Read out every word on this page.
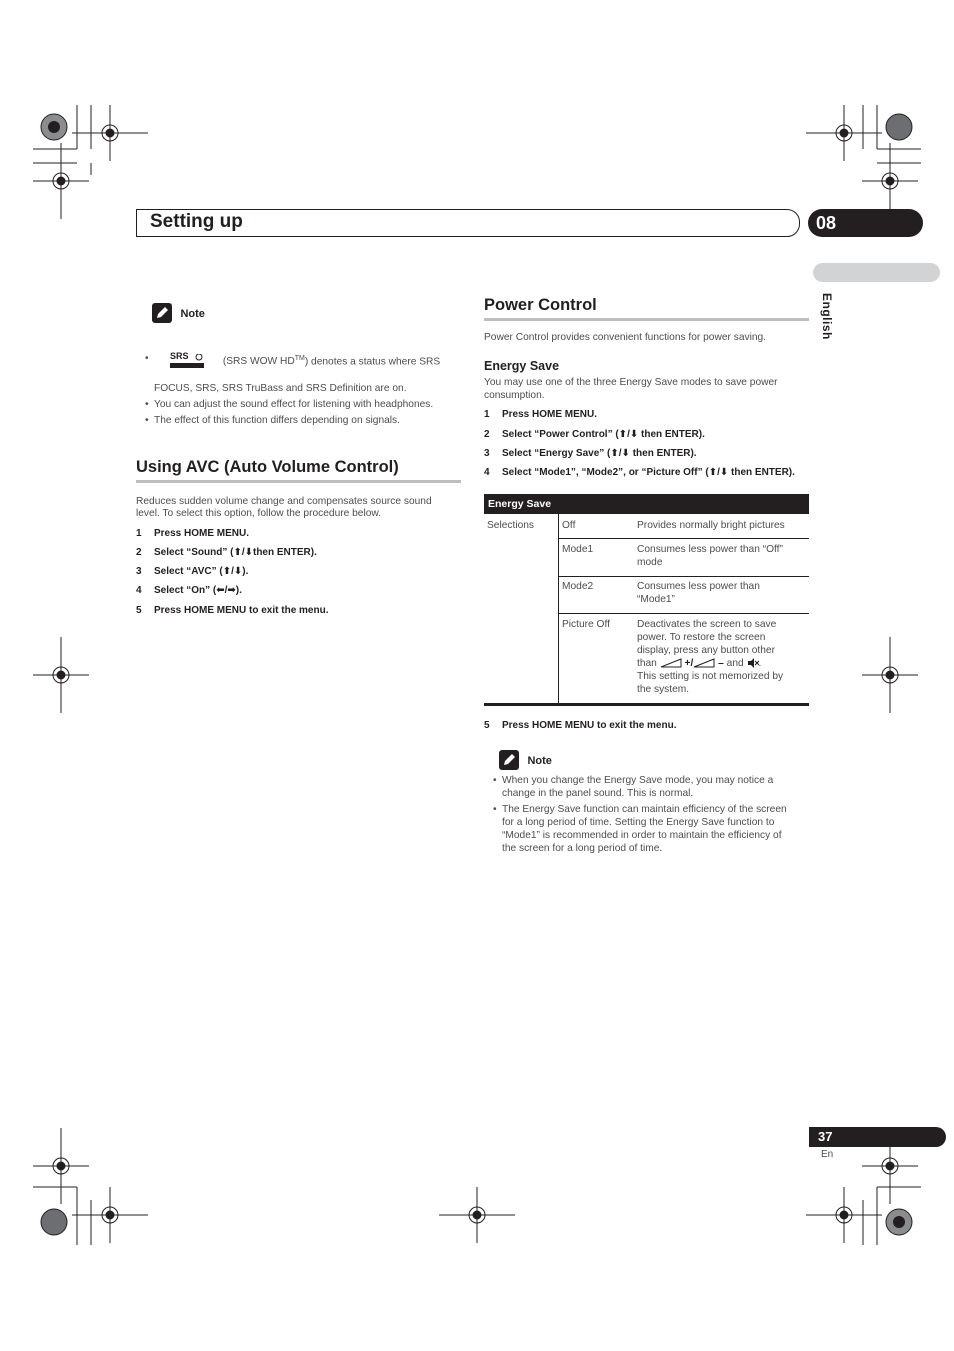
Setting up	08
English
Note
• SRS
(SRS WOW HD™) denotes a status where SRS
FOCUS, SRS, SRS TruBass and SRS Definition are on.
• You can adjust the sound effect for listening with headphones.
• The effect of this function differs depending on signals.
Using AVC (Auto Volume Control)
Reduces sudden volume change and compensates source sound
level. To select this option, follow the procedure below.
1 Press HOME MENU.
2 Select “Sound” (⬆/⬇then ENTER).
3 Select “AVC” (⬆/⬇).
4 Select “On” (⬅/➡).
5 Press HOME MENU to exit the menu.
Power Control
Power Control provides convenient functions for power saving.
Energy Save
You may use one of the three Energy Save modes to save power
consumption.
1 Press HOME MENU.
2 Select “Power Control” (⬆/⬇ then ENTER).
3 Select “Energy Save” (⬆/⬇ then ENTER).
4 Select “Mode1”, “Mode2”, or “Picture Off” (⬆/⬇ then ENTER).
Energy Save
Selections	Off	Provides normally bright pictures
Mode1	Consumes less power than “Off”
mode
Mode2	Consumes less power than
“Mode1”
Picture Off	Deactivates the screen to save
power. To restore the screen
display, press any button other
than	+/ – and .
This setting is not memorized by
the system.
5 Press HOME MENU to exit the menu.
Note
• When you change the Energy Save mode, you may notice a
change in the panel sound. This is normal.
• The Energy Save function can maintain efficiency of the screen
for a long period of time. Setting the Energy Save function to
“Mode1” is recommended in order to maintain the efficiency of
the screen for a long period of time.
37
En
